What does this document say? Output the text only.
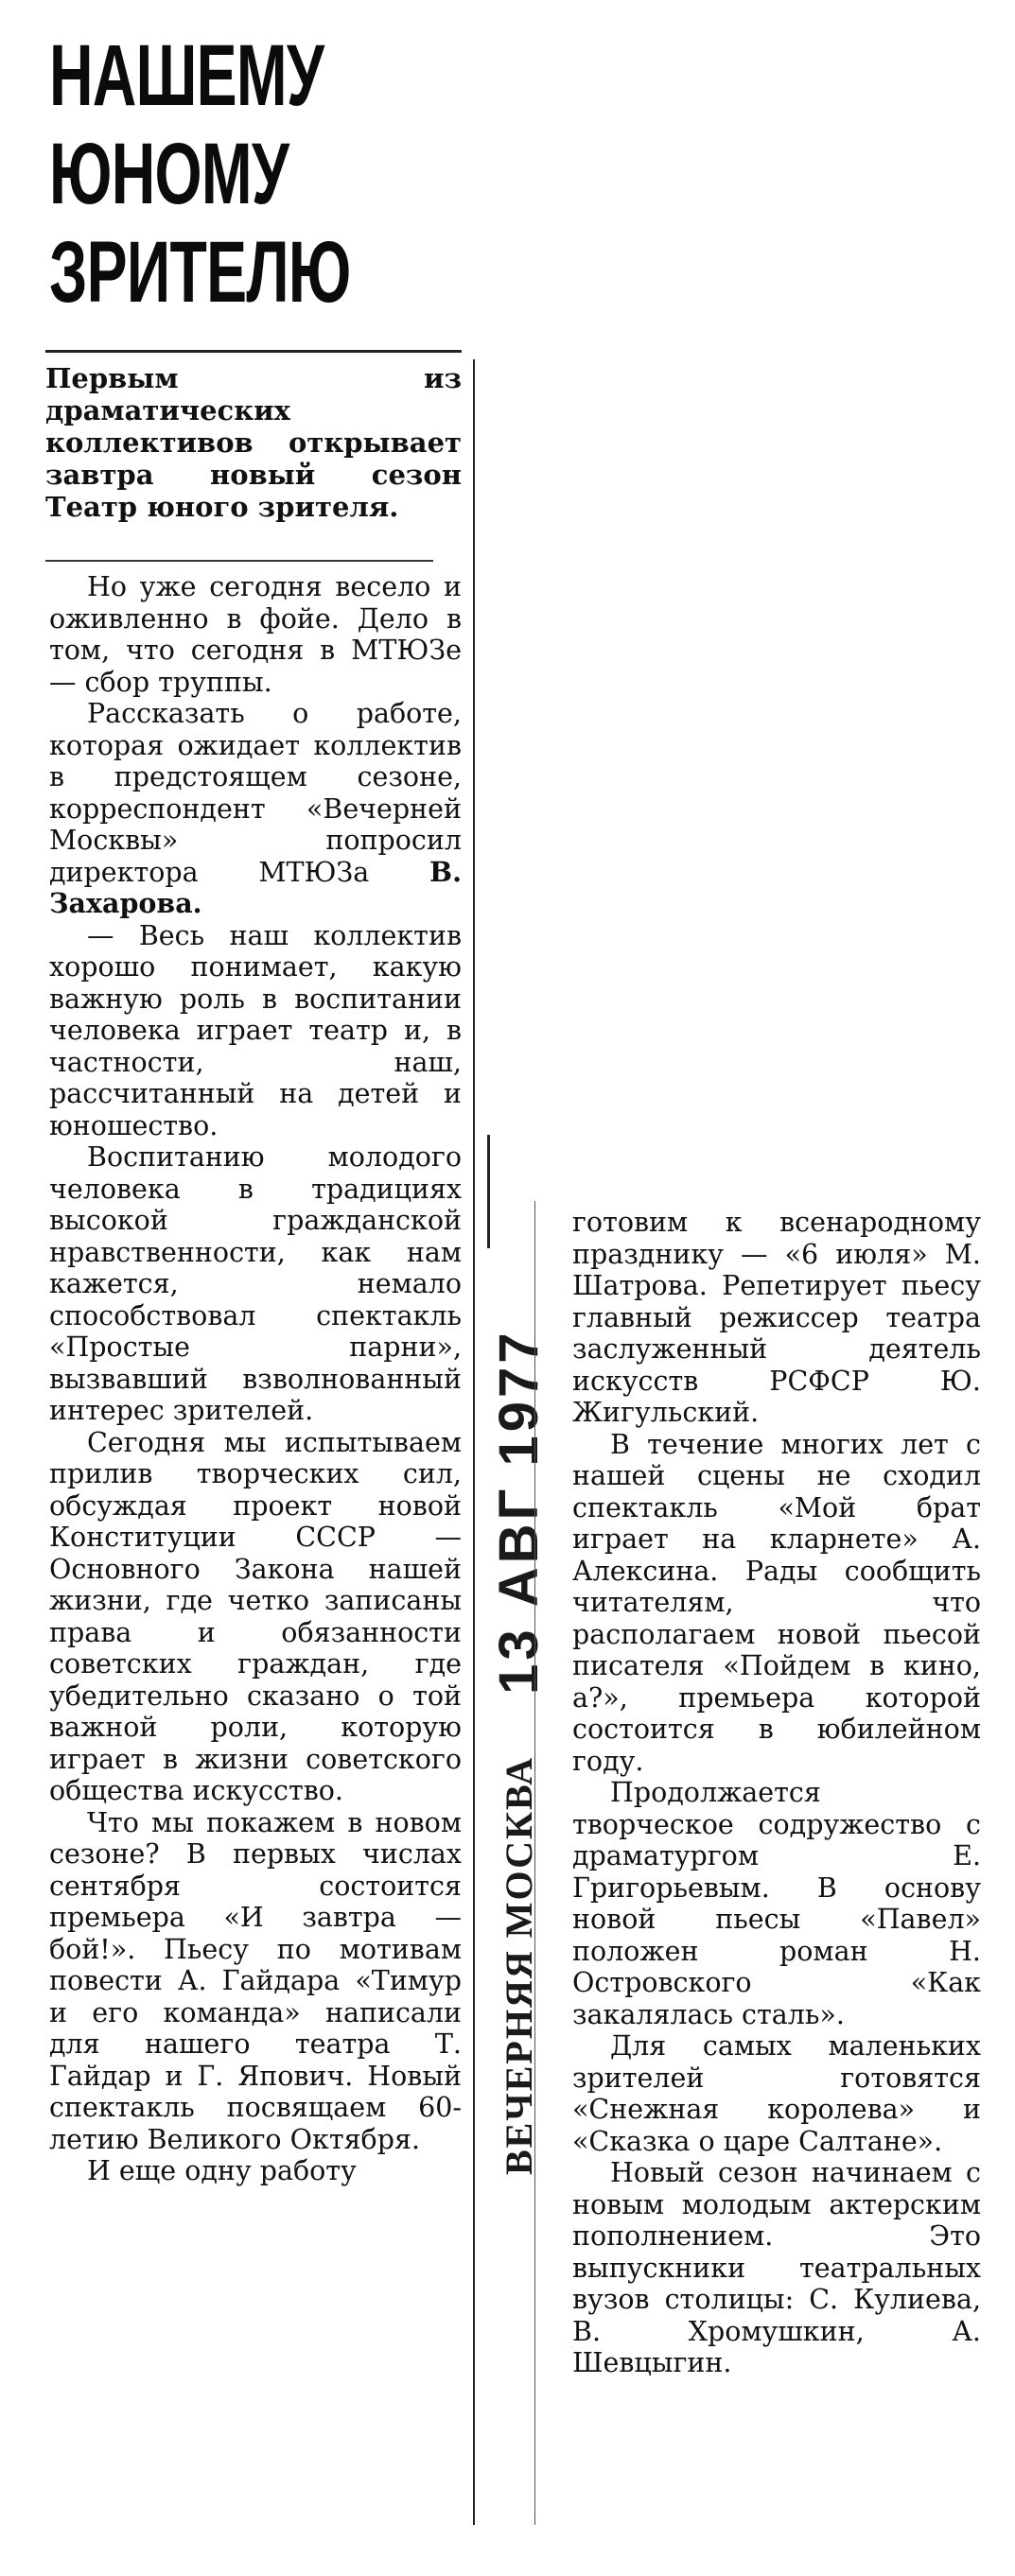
НАШЕМУ
ЮНОМУ
ЗРИТЕЛЮ
Первым из драматических коллективов открывает завтра новый сезон Театр юного зрителя.

Но уже сегодня весело и оживленно в фойе. Дело в том, что сегодня в МТЮЗе — сбор труппы.

Рассказать о работе, которая ожидает коллектив в предстоящем сезоне, корреспондент «Вечерней Москвы» попросил директора МТЮЗа В. Захарова.

— Весь наш коллектив хорошо понимает, какую важную роль в воспитании человека играет театр и, в частности, наш, рассчитанный на детей и юношество.

Воспитанию молодого человека в традициях высокой гражданской нравственности, как нам кажется, немало способствовал спектакль «Простые парни», вызвавший взволнованный интерес зрителей.

Сегодня мы испытываем прилив творческих сил, обсуждая проект новой Конституции СССР — Основного Закона нашей жизни, где четко записаны права и обязанности советских граждан, где убедительно сказано о той важной роли, которую играет в жизни советского общества искусство.

Что мы покажем в новом сезоне? В первых числах сентября состоится премьера «И завтра — бой!». Пьесу по мотивам повести А. Гайдара «Тимур и его команда» написали для нашего театра Т. Гайдар и Г. Япович. Новый спектакль посвящаем 60-летию Великого Октября.

И еще одну работу	ВЕЧЕРНЯЯ МОСКВА 13 АВГ 1977

готовим к всенародному празднику — «6 июля» М. Шатрова. Репетирует пьесу главный режиссер театра заслуженный деятель искусств РСФСР Ю. Жигульский.

В течение многих лет с нашей сцены не сходил спектакль «Мой брат играет на кларнете» А. Алексина. Рады сообщить читателям, что располагаем новой пьесой писателя «Пойдем в кино, а?», премьера которой состоится в юбилейном году.

Продолжается творческое содружество с драматургом Е. Григорьевым. В основу новой пьесы «Павел» положен роман Н. Островского «Как закалялась сталь».

Для самых маленьких зрителей готовятся «Снежная королева» и «Сказка о царе Салтане».

Новый сезон начинаем с новым молодым актерским пополнением. Это выпускники театральных вузов столицы: С. Кулиева, В. Хромушкин, А. Шевцыгин.
